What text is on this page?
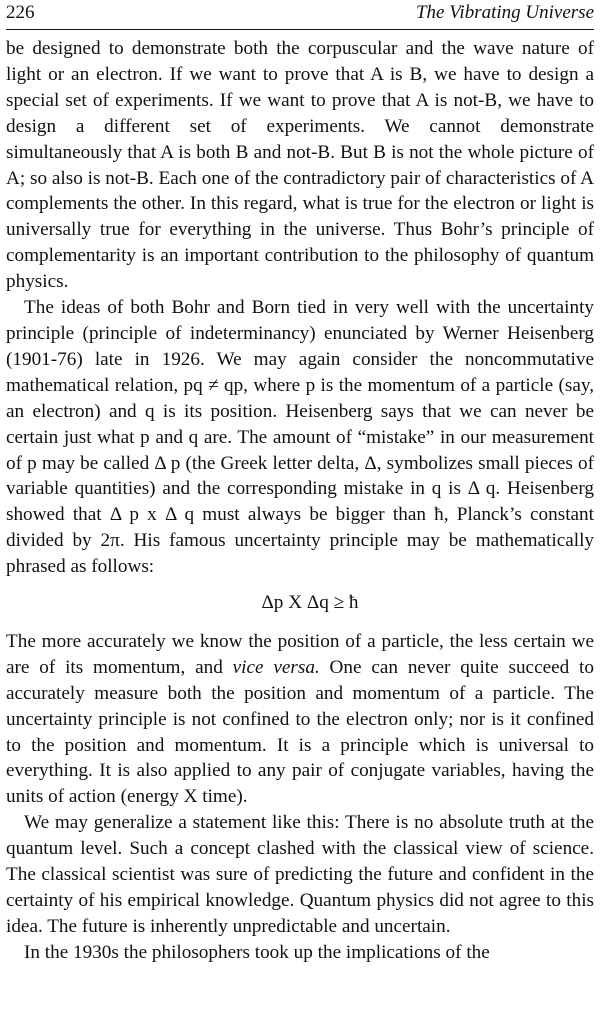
226	The Vibrating Universe

be designed to demonstrate both the corpuscular and the wave nature of light or an electron. If we want to prove that A is B, we have to design a special set of experiments. If we want to prove that A is not-B, we have to design a different set of experiments. We cannot demonstrate simultaneously that A is both B and not-B. But B is not the whole picture of A; so also is not-B. Each one of the contradictory pair of characteristics of A complements the other. In this regard, what is true for the electron or light is universally true for everything in the universe. Thus Bohr’s principle of complementarity is an important contribution to the philosophy of quantum physics.

The ideas of both Bohr and Born tied in very well with the uncertainty principle (principle of indeterminancy) enunciated by Werner Heisenberg (1901-76) late in 1926. We may again consider the noncommutative mathematical relation, pq ≠ qp, where p is the momentum of a particle (say, an electron) and q is its position. Heisenberg says that we can never be certain just what p and q are. The amount of “mistake” in our measurement of p may be called Δ p (the Greek letter delta, Δ, symbolizes small pieces of variable quantities) and the corresponding mistake in q is Δ q. Heisenberg showed that Δ p x Δ q must always be bigger than ħ, Planck’s constant divided by 2π. His famous uncertainty principle may be mathematically phrased as follows:

Δp X Δq ≥ ħ

The more accurately we know the position of a particle, the less certain we are of its momentum, and vice versa. One can never quite succeed to accurately measure both the position and momentum of a particle. The uncertainty principle is not confined to the electron only; nor is it confined to the position and momentum. It is a principle which is universal to everything. It is also applied to any pair of conjugate variables, having the units of action (energy X time).

We may generalize a statement like this: There is no absolute truth at the quantum level. Such a concept clashed with the classical view of science. The classical scientist was sure of predicting the future and confident in the certainty of his empirical knowledge. Quantum physics did not agree to this idea. The future is inherently unpredictable and uncertain.

In the 1930s the philosophers took up the implications of the
